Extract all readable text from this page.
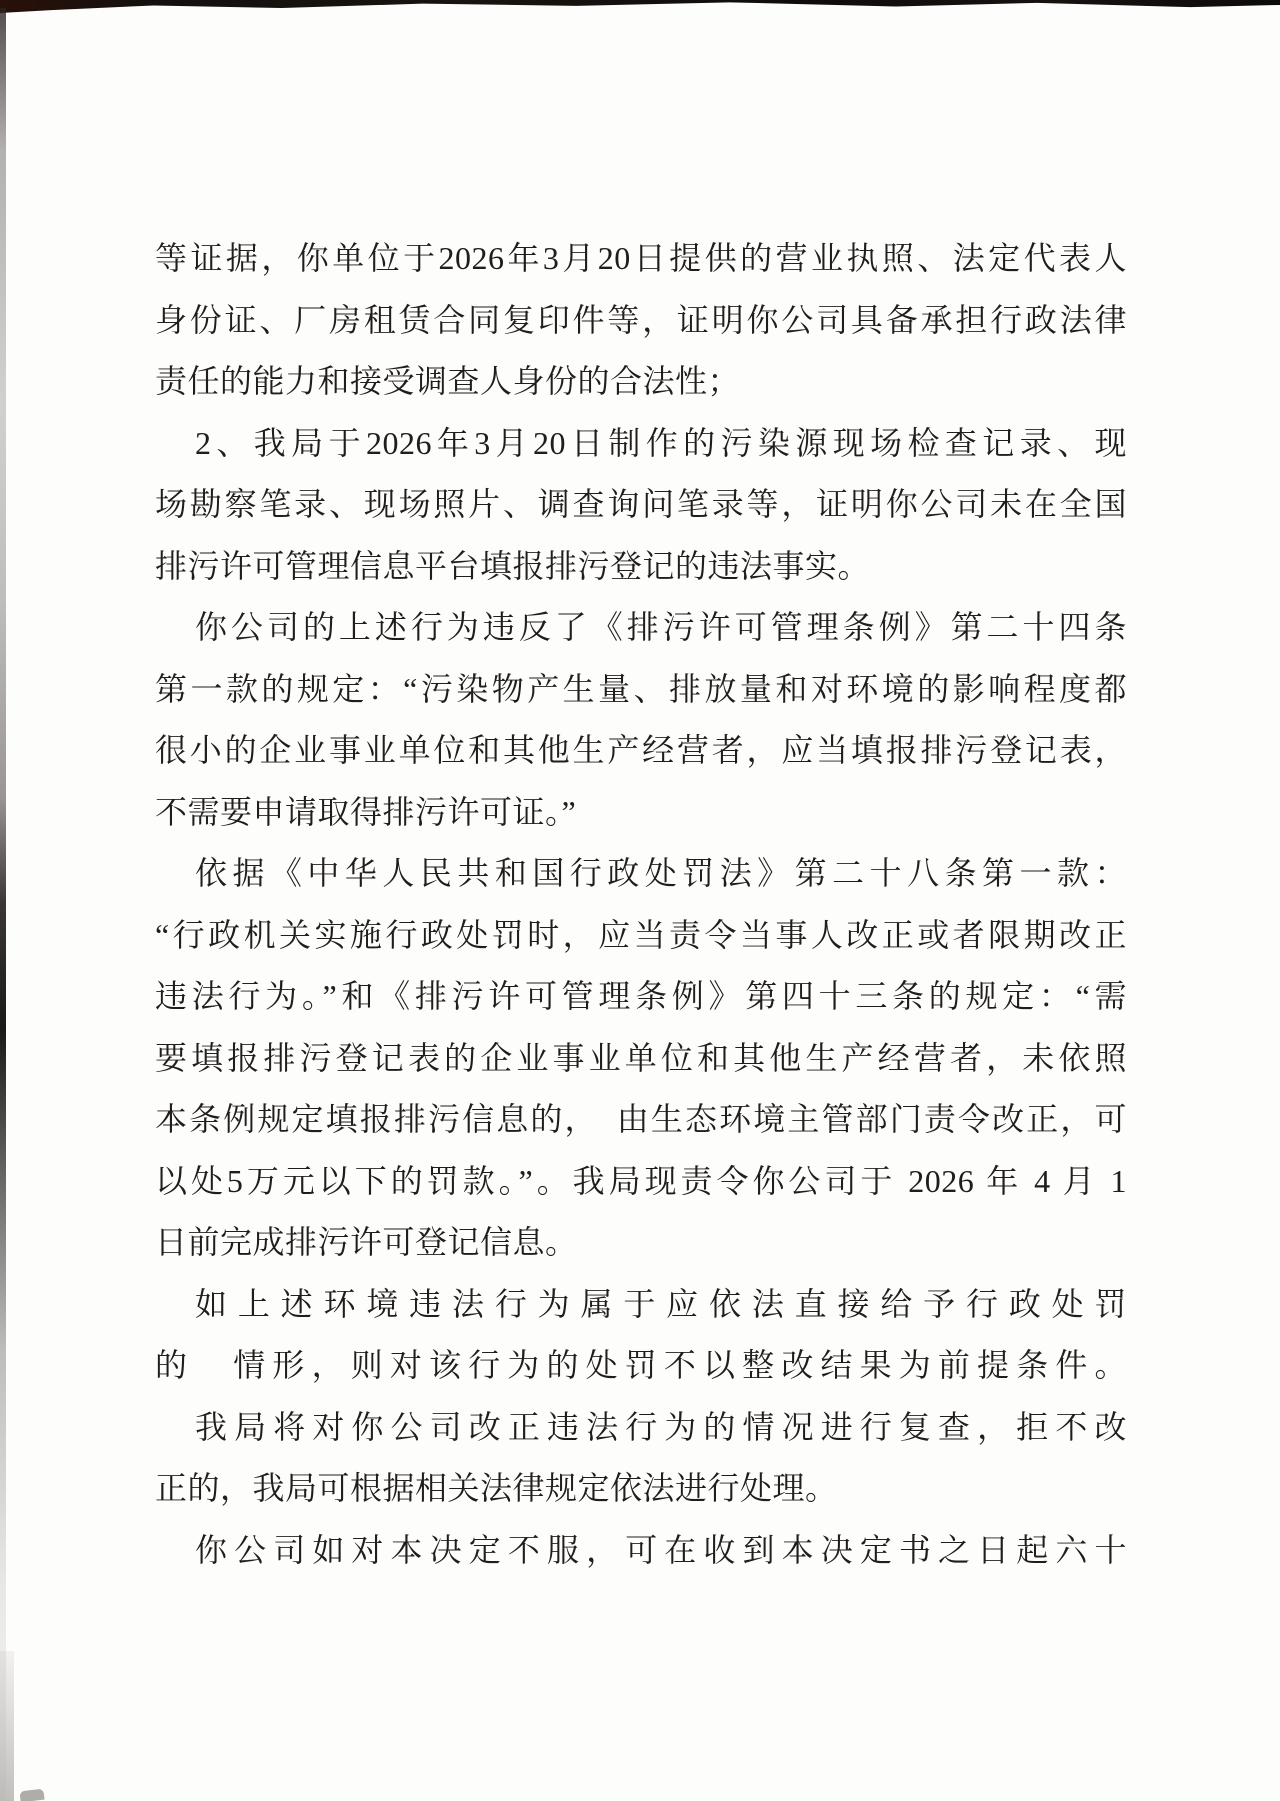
等证据，你单位于2026年3月20日提供的营业执照、法定代表人
身份证、厂房租赁合同复印件等，证明你公司具备承担行政法律
责任的能力和接受调查人身份的合法性；
2、我局于2026年3月20日制作的污染源现场检查记录、现
场勘察笔录、现场照片、调查询问笔录等，证明你公司未在全国
排污许可管理信息平台填报排污登记的违法事实。
你公司的上述行为违反了《排污许可管理条例》第二十四条
第一款的规定：“污染物产生量、排放量和对环境的影响程度都
很小的企业事业单位和其他生产经营者，应当填报排污登记表，
不需要申请取得排污许可证。”
依据《中华人民共和国行政处罚法》第二十八条第一款：
“行政机关实施行政处罚时，应当责令当事人改正或者限期改正
违法行为。”和《排污许可管理条例》第四十三条的规定：“需
要填报排污登记表的企业事业单位和其他生产经营者，未依照
本条例规定填报排污信息的，　由生态环境主管部门责令改正，可
以处5万元以下的罚款。”。我局现责令你公司于 2026 年 4 月 1
日前完成排污许可登记信息。
如上述环境违法行为属于应依法直接给予行政处罚
的　情形，则对该行为的处罚不以整改结果为前提条件。
我局将对你公司改正违法行为的情况进行复查，拒不改
正的，我局可根据相关法律规定依法进行处理。
你公司如对本决定不服，可在收到本决定书之日起六十
